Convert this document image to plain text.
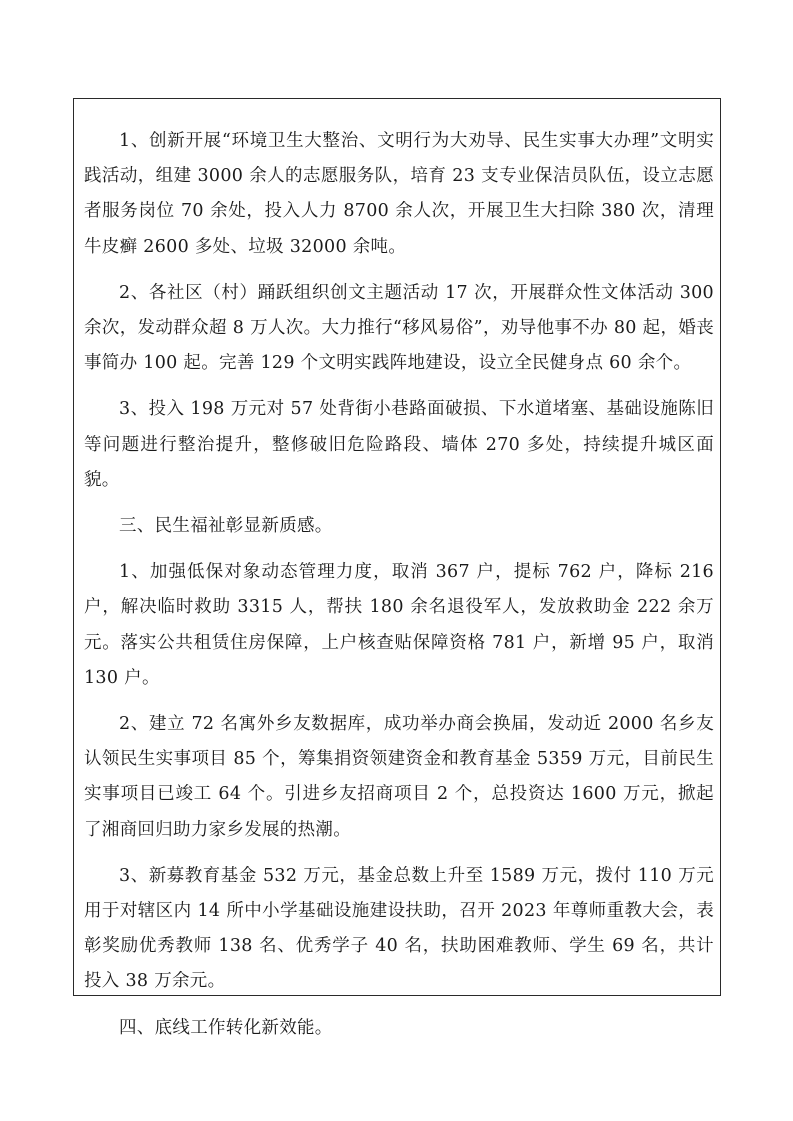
1、创新开展“环境卫生大整治、文明行为大劝导、民生实事大办理”文明实践活动，组建 3000 余人的志愿服务队，培育 23 支专业保洁员队伍，设立志愿者服务岗位 70 余处，投入人力 8700 余人次，开展卫生大扫除 380 次，清理牛皮癣 2600 多处、垃圾 32000 余吨。

2、各社区（村）踊跃组织创文主题活动 17 次，开展群众性文体活动 300 余次，发动群众超 8 万人次。大力推行“移风易俗”，劝导他事不办 80 起，婚丧事简办 100 起。完善 129 个文明实践阵地建设，设立全民健身点 60 余个。

3、投入 198 万元对 57 处背街小巷路面破损、下水道堵塞、基础设施陈旧等问题进行整治提升，整修破旧危险路段、墙体 270 多处，持续提升城区面貌。

三、民生福祉彰显新质感。

1、加强低保对象动态管理力度，取消 367 户，提标 762 户，降标 216 户，解决临时救助 3315 人，帮扶 180 余名退役军人，发放救助金 222 余万元。落实公共租赁住房保障，上户核查贴保障资格 781 户，新增 95 户，取消 130 户。

2、建立 72 名寓外乡友数据库，成功举办商会换届，发动近 2000 名乡友认领民生实事项目 85 个，筹集捐资领建资金和教育基金 5359 万元，目前民生实事项目已竣工 64 个。引进乡友招商项目 2 个，总投资达 1600 万元，掀起了湘商回归助力家乡发展的热潮。

3、新募教育基金 532 万元，基金总数上升至 1589 万元，拨付 110 万元用于对辖区内 14 所中小学基础设施建设扶助，召开 2023 年尊师重教大会，表彰奖励优秀教师 138 名、优秀学子 40 名，扶助困难教师、学生 69 名，共计投入 38 万余元。

四、底线工作转化新效能。
